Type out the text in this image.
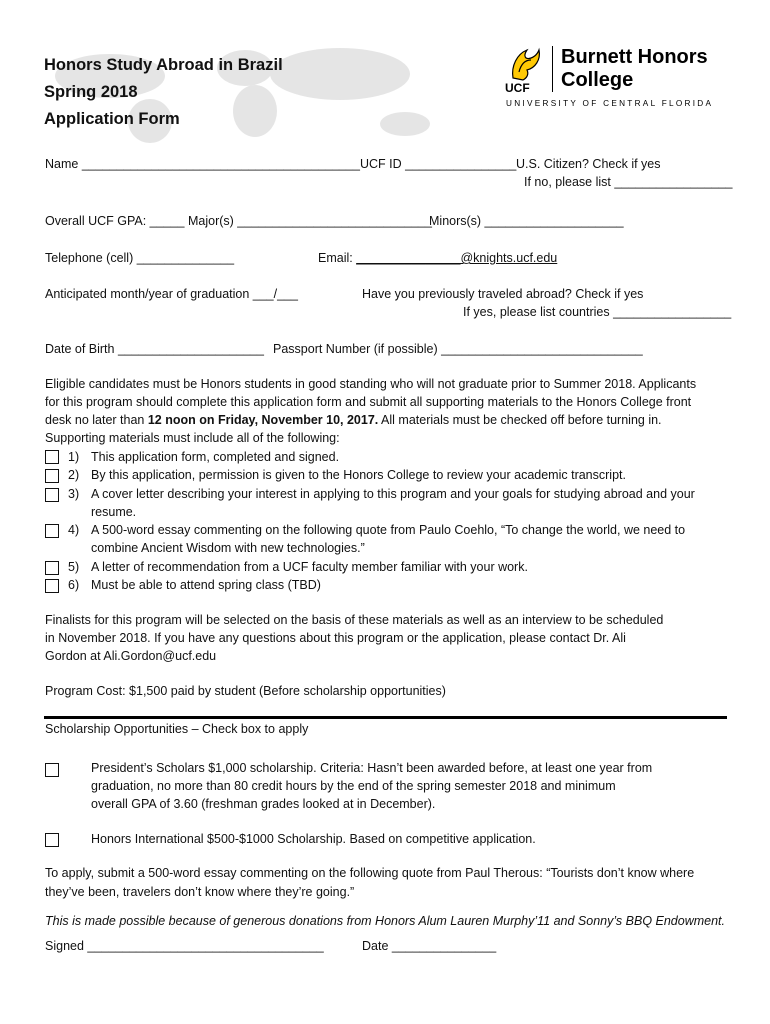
Honors Study Abroad in Brazil
Spring 2018
Application Form
UCF
Burnett Honors
College
UNIVERSITY OF CENTRAL FLORIDA
Name ________________________________________ UCF ID ________________ U.S. Citizen? Check if yes
If no, please list _________________
Overall UCF GPA: _____ Major(s) ____________________________
Minors(s) ____________________
Telephone (cell) ______________	Email: _______________@knights.ucf.edu
Anticipated month/year of graduation ___/___	Have you previously traveled abroad? Check if yes
If yes, please list countries _________________
Date of Birth _____________________ Passport Number (if possible) _____________________________
Eligible candidates must be Honors students in good standing who will not graduate prior to Summer 2018. Applicants
for this program should complete this application form and submit all supporting materials to the Honors College front
desk no later than 12 noon on Friday, November 10, 2017. All materials must be checked off before turning in.
Supporting materials must include all of the following:
1) This application form, completed and signed.
2) By this application, permission is given to the Honors College to review your academic transcript.
3) A cover letter describing your interest in applying to this program and your goals for studying abroad and your
resume.
4) A 500-word essay commenting on the following quote from Paulo Coehlo, “To change the world, we need to
combine Ancient Wisdom with new technologies.”
5) A letter of recommendation from a UCF faculty member familiar with your work.
6) Must be able to attend spring class (TBD)
Finalists for this program will be selected on the basis of these materials as well as an interview to be scheduled
in November 2018. If you have any questions about this program or the application, please contact Dr. Ali
Gordon at Ali.Gordon@ucf.edu
Program Cost: $1,500 paid by student (Before scholarship opportunities)
Scholarship Opportunities – Check box to apply
President’s Scholars $1,000 scholarship. Criteria: Hasn’t been awarded before, at least one year from
graduation, no more than 80 credit hours by the end of the spring semester 2018 and minimum
overall GPA of 3.60 (freshman grades looked at in December).
Honors International $500-$1000 Scholarship. Based on competitive application.
To apply, submit a 500-word essay commenting on the following quote from Paul Therous: “Tourists don’t know where
they’ve been, travelers don’t know where they’re going.”
This is made possible because of generous donations from Honors Alum Lauren Murphy’11 and Sonny’s BBQ Endowment.
Signed __________________________________	Date _______________
